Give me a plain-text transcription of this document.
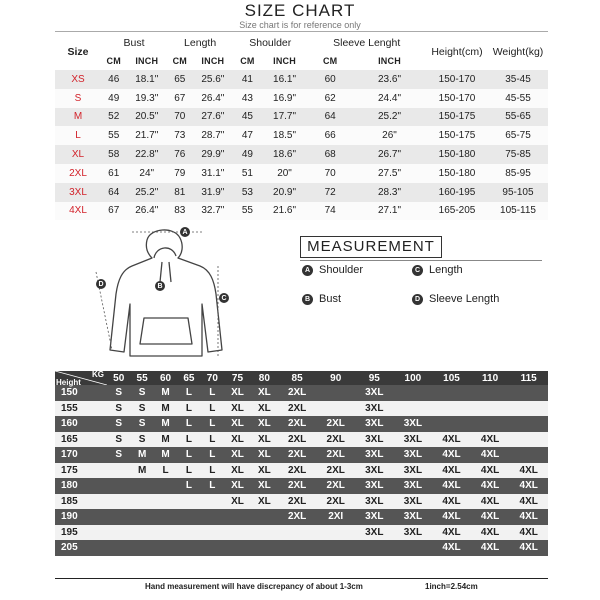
SIZE CHART
Size chart is for reference only
Size	Bust		Length		Shoulder		Sleeve Lenght		Height(cm)	Weight(kg)
	CM	INCH	CM	INCH	CM	INCH	CM	INCH		
XS	46	18.1"	65	25.6"	41	16.1"	60	23.6"	150-170	35-45
S	49	19.3"	67	26.4"	43	16.9"	62	24.4"	150-170	45-55
M	52	20.5"	70	27.6"	45	17.7"	64	25.2"	150-175	55-65
L	55	21.7"	73	28.7"	47	18.5"	66	26"	150-175	65-75
XL	58	22.8"	76	29.9"	49	18.6"	68	26.7"	150-180	75-85
2XL	61	24"	79	31.1"	51	20"	70	27.5"	150-180	85-95
3XL	64	25.2"	81	31.9"	53	20.9"	72	28.3"	160-195	95-105
4XL	67	26.4"	83	32.7"	55	21.6"	74	27.1"	165-205	105-115
A
B
C
D
MEASUREMENT
A Shoulder	C Length
B Bust	D Sleeve Length
KG
Height	50	55	60	65	70	75	80	85	90	95	100	105	110	115
150	S	S	M	L	L	XL	XL	2XL		3XL				
155	S	S	M	L	L	XL	XL	2XL		3XL				
160	S	S	M	L	L	XL	XL	2XL	2XL	3XL	3XL			
165	S	S	M	L	L	XL	XL	2XL	2XL	3XL	3XL	4XL	4XL	
170	S	M	M	L	L	XL	XL	2XL	2XL	3XL	3XL	4XL	4XL	
175		M	L	L	L	XL	XL	2XL	2XL	3XL	3XL	4XL	4XL	4XL
180				L	L	XL	XL	2XL	2XL	3XL	3XL	4XL	4XL	4XL
185						XL	XL	2XL	2XL	3XL	3XL	4XL	4XL	4XL
190								2XL	2XI	3XL	3XL	4XL	4XL	4XL
195										3XL	3XL	4XL	4XL	4XL
205												4XL	4XL	4XL
Hand measurement will have discrepancy of about 1-3cm	1inch=2.54cm
